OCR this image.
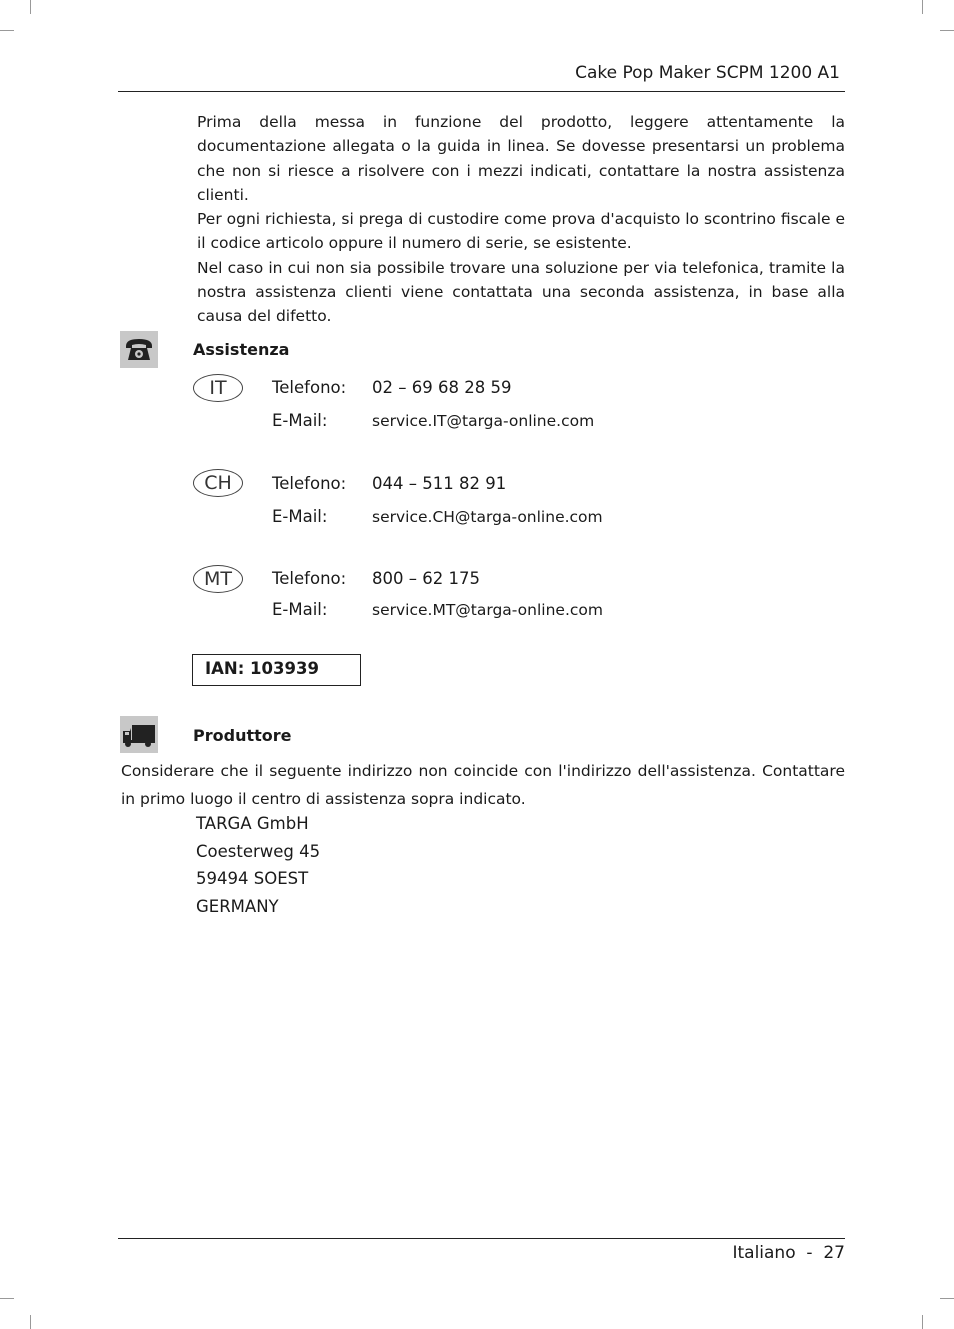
Cake Pop Maker SCPM 1200 A1

Prima della messa in funzione del prodotto, leggere attentamente la documentazione allegata o la guida in linea. Se dovesse presentarsi un problema che non si riesce a risolvere con i mezzi indicati, contattare la nostra assistenza clienti.

Per ogni richiesta, si prega di custodire come prova d'acquisto lo scontrino fiscale e il codice articolo oppure il numero di serie, se esistente.

Nel caso in cui non sia possibile trovare una soluzione per via telefonica, tramite la nostra assistenza clienti viene contattata una seconda assistenza, in base alla causa del difetto.

Assistenza
IT	Telefono: 02 – 69 68 28 59
E-Mail:	service.IT@targa-online.com
CH	Telefono: 044 – 511 82 91
E-Mail:	service.CH@targa-online.com
MT	Telefono: 800 – 62 175
E-Mail:	service.MT@targa-online.com
IAN: 103939
Produttore
Considerare che il seguente indirizzo non coincide con l'indirizzo dell'assistenza. Contattare in primo luogo il centro di assistenza sopra indicato.
TARGA GmbH
Coesterweg 45
59494 SOEST
GERMANY
Italiano  -  27
